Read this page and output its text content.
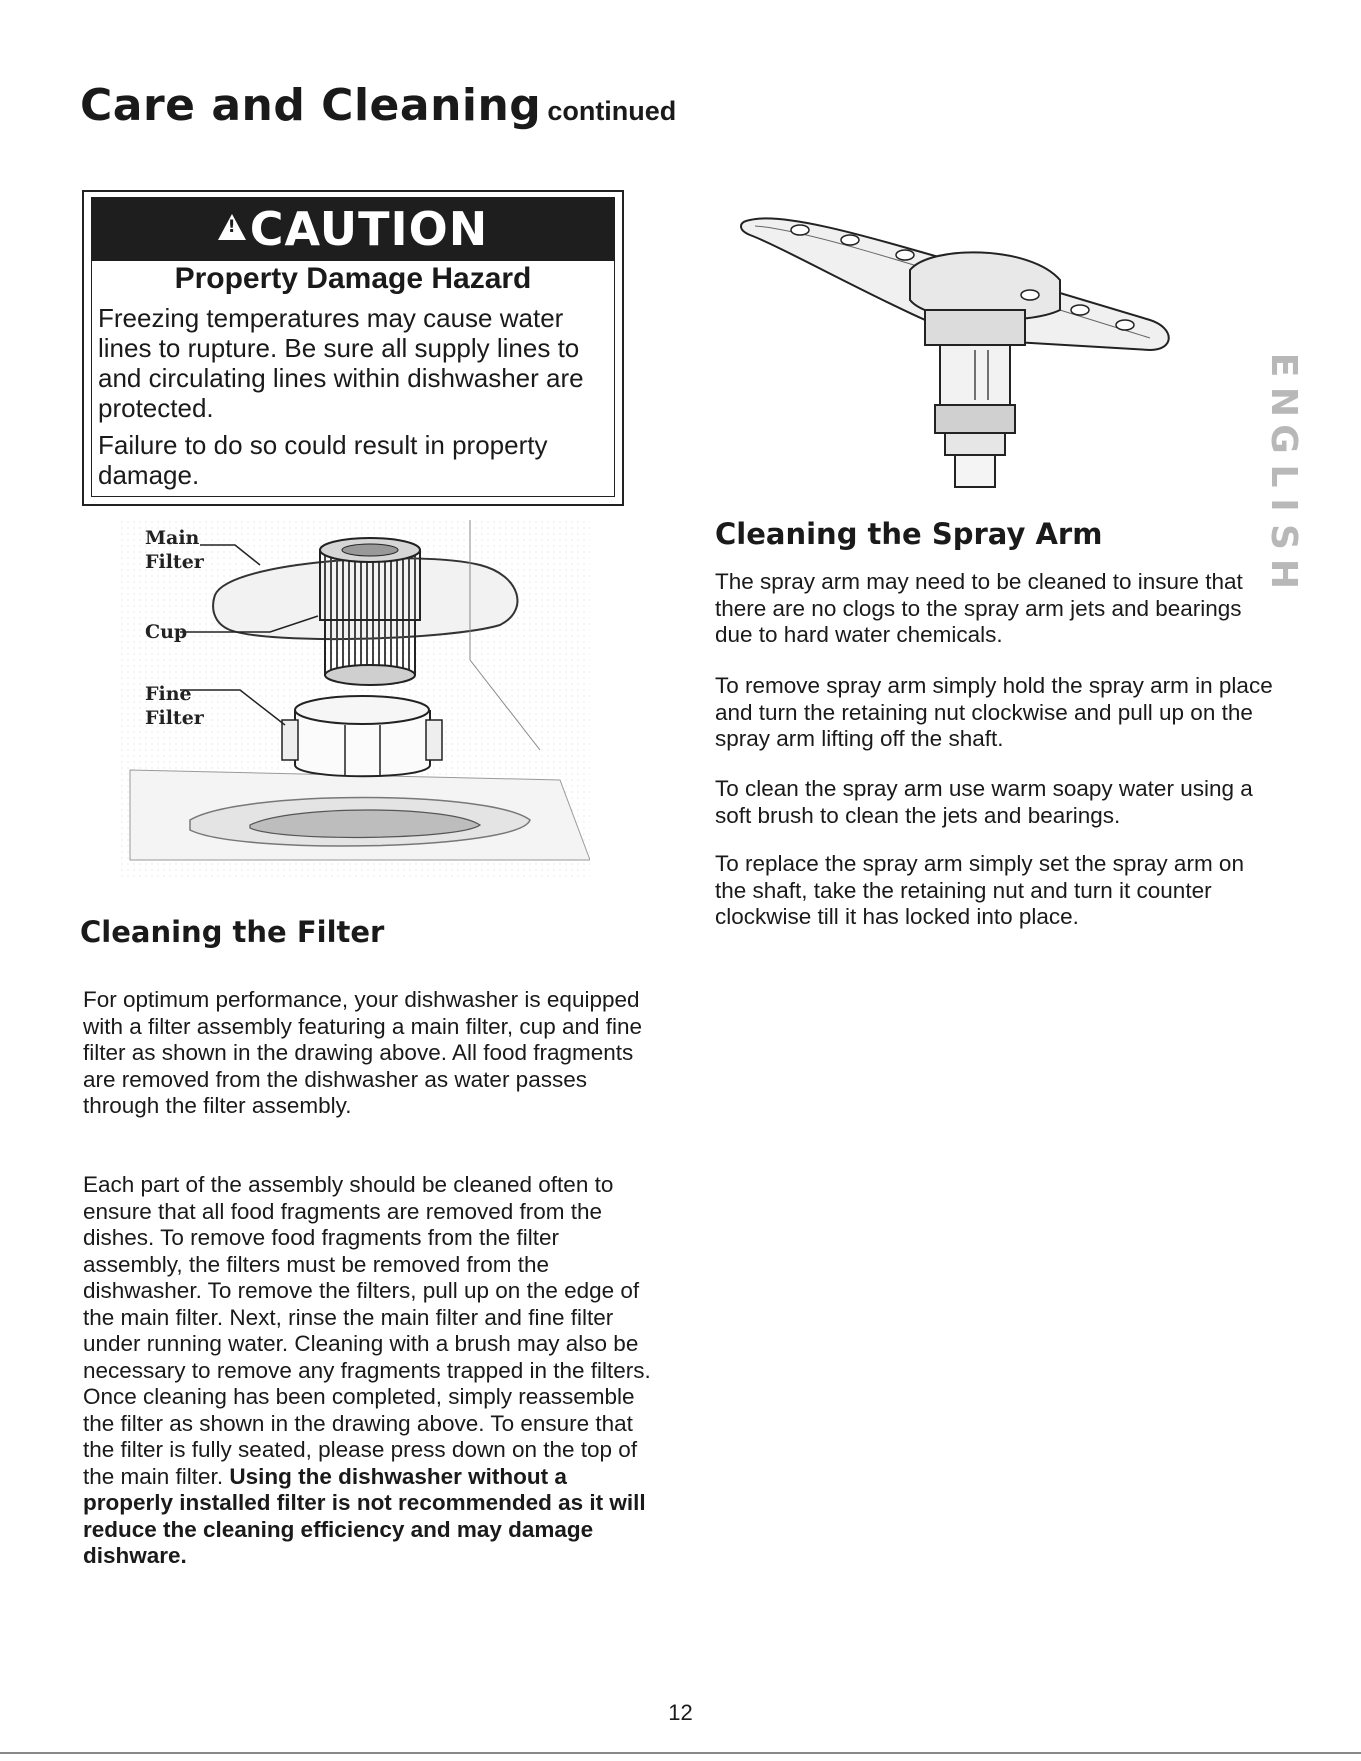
Care and Cleaning continued
!
CAUTION
Property Damage Hazard

Freezing temperatures may cause water lines to rupture. Be sure all supply lines to and circulating lines within dishwasher are protected.

Failure to do so could result in property damage.

Main
Filter
Cup
Fine
Filter
Cleaning the Filter

For optimum performance, your dishwasher is equipped with a filter assembly featuring a main filter, cup and fine filter as shown in the drawing above. All food fragments are removed from the dishwasher as water passes through the filter assembly.

Each part of the assembly should be cleaned often to ensure that all food fragments are removed from the dishes. To remove food fragments from the filter assembly, the filters must be removed from the dishwasher. To remove the filters, pull up on the edge of the main filter. Next, rinse the main filter and fine filter under running water. Cleaning with a brush may also be necessary to remove any fragments trapped in the filters. Once cleaning has been completed, simply reassemble the filter as shown in the drawing above. To ensure that the filter is fully seated, please press down on the top of the main filter. Using the dishwasher without a properly installed filter is not recommended as it will reduce the cleaning efficiency and may damage dishware.

Cleaning the Spray Arm

The spray arm may need to be cleaned to insure that there are no clogs to the spray arm jets and bearings due to hard water chemicals.

To remove spray arm simply hold the spray arm in place and turn the retaining nut clockwise and pull up on the spray arm lifting off the shaft.

To clean the spray arm use warm soapy water using a soft brush to clean the jets and bearings.

To replace the spray arm simply set the spray arm on the shaft, take the retaining nut and turn it counter clockwise till it has locked into place.

E
N
G
L
I
S
H
12
